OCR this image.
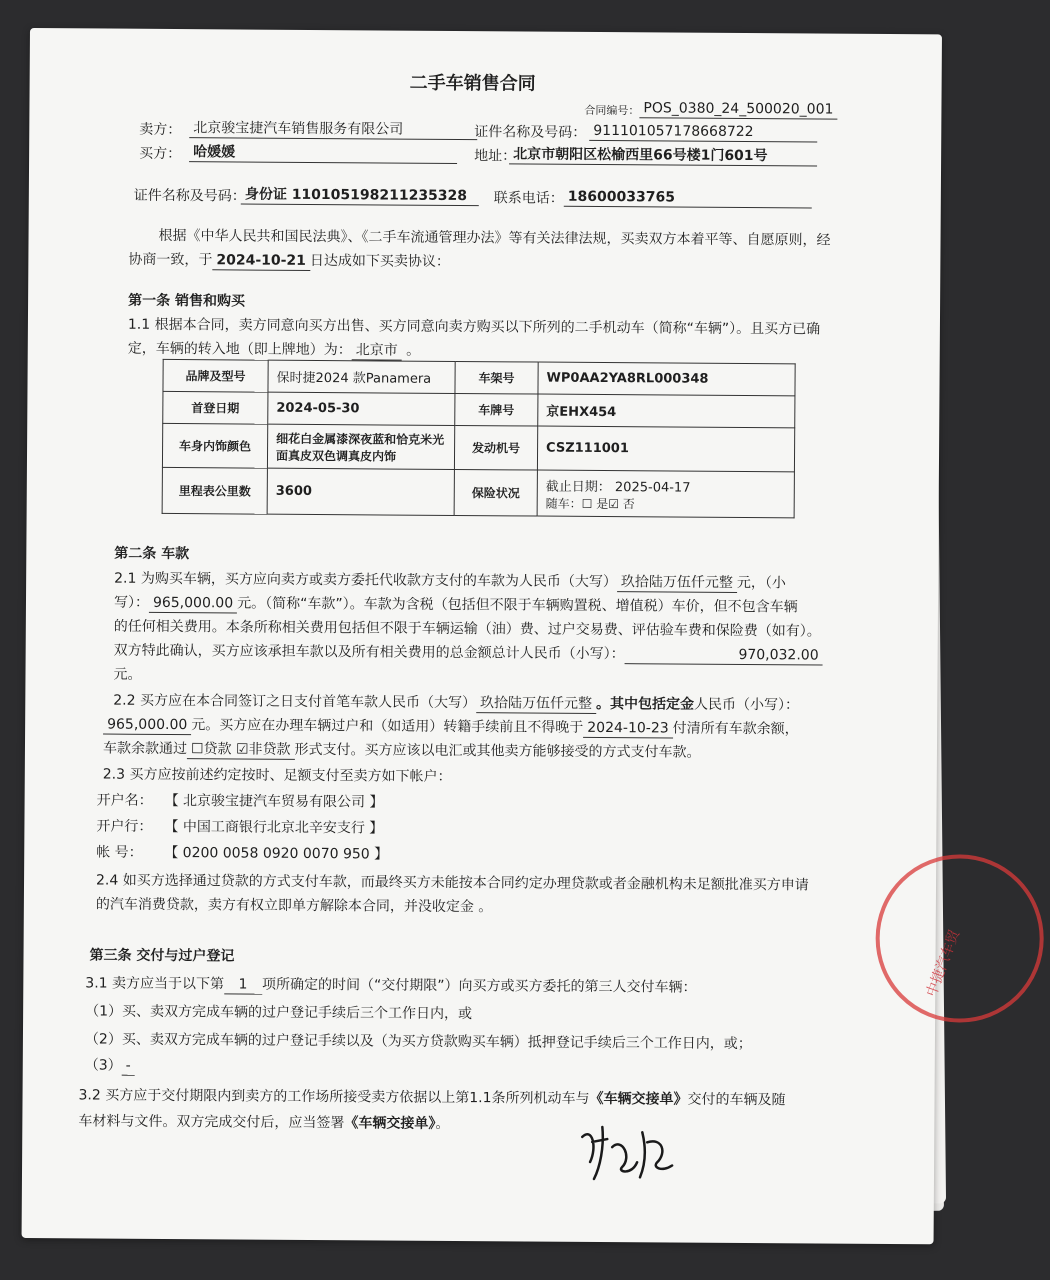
二手车销售合同
合同编号： POS_0380_24_500020_001
卖方： 北京骏宝捷汽车销售服务有限公司	证件名称及号码： 911101057178668722
买方： 哈媛媛	地址：
北京市朝阳区松榆西里66号楼1门601号
证件名称及号码：
身份证 110105198211235328	联系电话： 18600033765
根据《中华人民共和国民法典》、《二手车流通管理办法》等有关法律法规，买卖双方本着平等、自愿原则，经
协商一致，于 2024-10-21 日达成如下买卖协议：
第一条 销售和购买
1.1 根据本合同，卖方同意向买方出售、买方同意向卖方购买以下所列的二手机动车（简称“车辆”）。且买方已确
定，车辆的转入地（即上牌地）为： 北京市 。
品牌及型号	保时捷2024 款Panamera	车架号	WP0AA2YA8RL000348
首登日期	2024-05-30	车牌号	京EHX454
车身内饰颜色	细花白金属漆深夜蓝和恰克米光面真皮双色调真皮内饰	发动机号	CSZ111001
里程表公里数	3600	保险状况	截止日期： 2025-04-17
随车：☐ 是☑ 否
第二条 车款
2.1 为购买车辆，买方应向卖方或卖方委托代收款方支付的车款为人民币（大写） 玖拾陆万伍仟元整 元，（小
写）： 965,000.00 元。（简称“车款”）。车款为含税（包括但不限于车辆购置税、增值税）车价，但不包含车辆
的任何相关费用。本条所称相关费用包括但不限于车辆运输（油）费、过户交易费、评估验车费和保险费（如有）。
双方特此确认，买方应该承担车款以及所有相关费用的总金额总计人民币（小写）：	970,032.00
元。
2.2 买方应在本合同签订之日支付首笔车款人民币（大写） 玖拾陆万伍仟元整 。其中包括定金人民币（小写）：
965,000.00 元。买方应在办理车辆过户和（如适用）转籍手续前且不得晚于 2024-10-23 付清所有车款余额，
车款余款通过 ☐贷款 ☑非贷款 形式支付。买方应该以电汇或其他卖方能够接受的方式支付车款。
2.3 买方应按前述约定按时、足额支付至卖方如下帐户：
开户名： 【 北京骏宝捷汽车贸易有限公司 】
开户行： 【 中国工商银行北京北辛安支行 】
帐 号： 【 0200 0058 0920 0070 950 】
2.4 如买方选择通过贷款的方式支付车款，而最终买方未能按本合同约定办理贷款或者金融机构未足额批准买方申请
的汽车消费贷款，卖方有权立即单方解除本合同，并没收定金 。
第三条 交付与过户登记
3.1 卖方应当于以下第 1 项所确定的时间（“交付期限”）向买方或买方委托的第三人交付车辆：
（1）买、卖双方完成车辆的过户登记手续后三个工作日内，或
（2）买、卖双方完成车辆的过户登记手续以及（为买方贷款购买车辆）抵押登记手续后三个工作日内，或；
（3） -
3.2 买方应于交付期限内到卖方的工作场所接受卖方依据以上第1.1条所列机动车与《车辆交接单》交付的车辆及随
车材料与文件。双方完成交付后，应当签署《车辆交接单》。
中捷汽车贸
